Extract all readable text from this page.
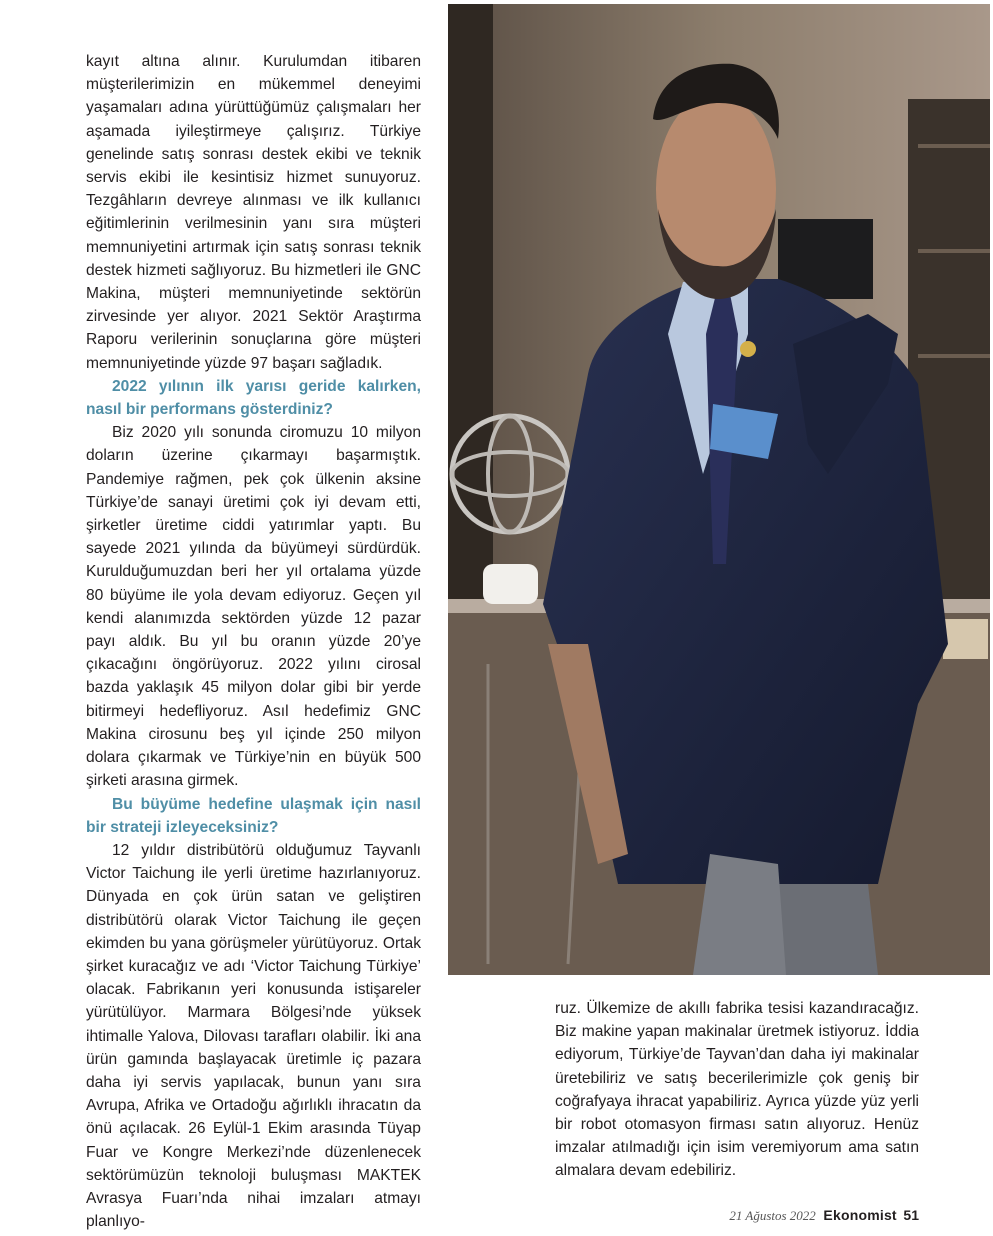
kayıt altına alınır. Kurulumdan itibaren müşterilerimizin en mükemmel deneyimi yaşamaları adına yürüttüğümüz çalışmaları her aşamada iyileştirmeye çalışırız. Türkiye genelinde satış sonrası destek ekibi ve teknik servis ekibi ile kesintisiz hizmet sunuyoruz. Tezgâhların devreye alınması ve ilk kullanıcı eğitimlerinin verilmesinin yanı sıra müşteri memnuniyetini artırmak için satış sonrası teknik destek hizmeti sağlıyoruz. Bu hizmetleri ile GNC Makina, müşteri memnuniyetinde sektörün zirvesinde yer alıyor. 2021 Sektör Araştırma Raporu verilerinin sonuçlarına göre müşteri memnuniyetinde yüzde 97 başarı sağladık.

2022 yılının ilk yarısı geride kalırken, nasıl bir performans gösterdiniz?

Biz 2020 yılı sonunda ciromuzu 10 milyon doların üzerine çıkarmayı başarmıştık. Pandemiye rağmen, pek çok ülkenin aksine Türkiye’de sanayi üretimi çok iyi devam etti, şirketler üretime ciddi yatırımlar yaptı. Bu sayede 2021 yılında da büyümeyi sürdürdük. Kurulduğumuzdan beri her yıl ortalama yüzde 80 büyüme ile yola devam ediyoruz. Geçen yıl kendi alanımızda sektörden yüzde 12 pazar payı aldık. Bu yıl bu oranın yüzde 20’ye çıkacağını öngörüyoruz. 2022 yılını cirosal bazda yaklaşık 45 milyon dolar gibi bir yerde bitirmeyi hedefliyoruz. Asıl hedefimiz GNC Makina cirosunu beş yıl içinde 250 milyon dolara çıkarmak ve Türkiye’nin en büyük 500 şirketi arasına girmek.

Bu büyüme hedefine ulaşmak için nasıl bir strateji izleyeceksiniz?

12 yıldır distribütörü olduğumuz Tayvanlı Victor Taichung ile yerli üretime hazırlanıyoruz. Dünyada en çok ürün satan ve geliştiren distribütörü olarak Victor Taichung ile geçen ekimden bu yana görüşmeler yürütüyoruz. Ortak şirket kuracağız ve adı ‘Victor Taichung Türkiye’ olacak. Fabrikanın yeri konusunda istişareler yürütülüyor. Marmara Bölgesi’nde yüksek ihtimalle Yalova, Dilovası tarafları olabilir. İki ana ürün gamında başlayacak üretimle iç pazara daha iyi servis yapılacak, bunun yanı sıra Avrupa, Afrika ve Ortadoğu ağırlıklı ihracatın da önü açılacak. 26 Eylül-1 Ekim arasında Tüyap Fuar ve Kongre Merkezi’nde düzenlenecek sektörümüzün teknoloji buluşması MAKTEK Avrasya Fuarı’nda nihai imzaları atmayı planlıyo-

ruz. Ülkemize de akıllı fabrika tesisi kazandıracağız. Biz makine yapan makinalar üretmek istiyoruz. İddia ediyorum, Türkiye’de Tayvan’dan daha iyi makinalar üretebiliriz ve satış becerilerimizle çok geniş bir coğrafyaya ihracat yapabiliriz. Ayrıca yüzde yüz yerli bir robot otomasyon firması satın alıyoruz. Henüz imzalar atılmadığı için isim veremiyorum ama satın almalara devam edebiliriz.

21 Ağustos 2022 Ekonomist 51
